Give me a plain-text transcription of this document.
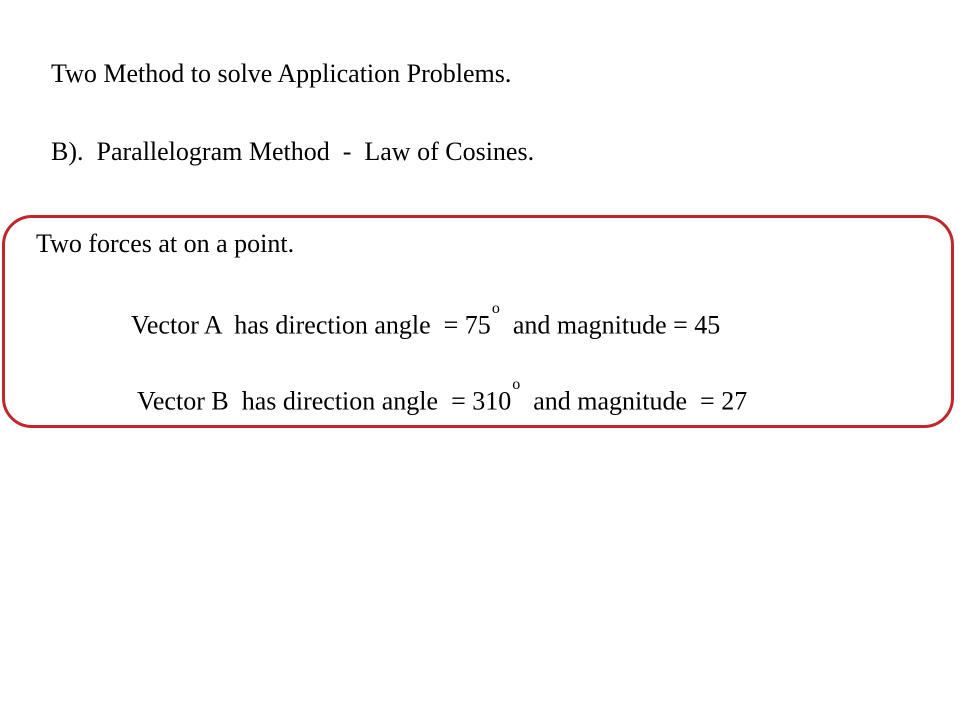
Two Method to solve Application Problems.
B).  Parallelogram Method  -  Law of Cosines.

Two forces at on a point.

Vector A  has direction angle  = $75^o$  and magnitude = 45

Vector B  has direction angle  = $310^o$  and magnitude  = 27
